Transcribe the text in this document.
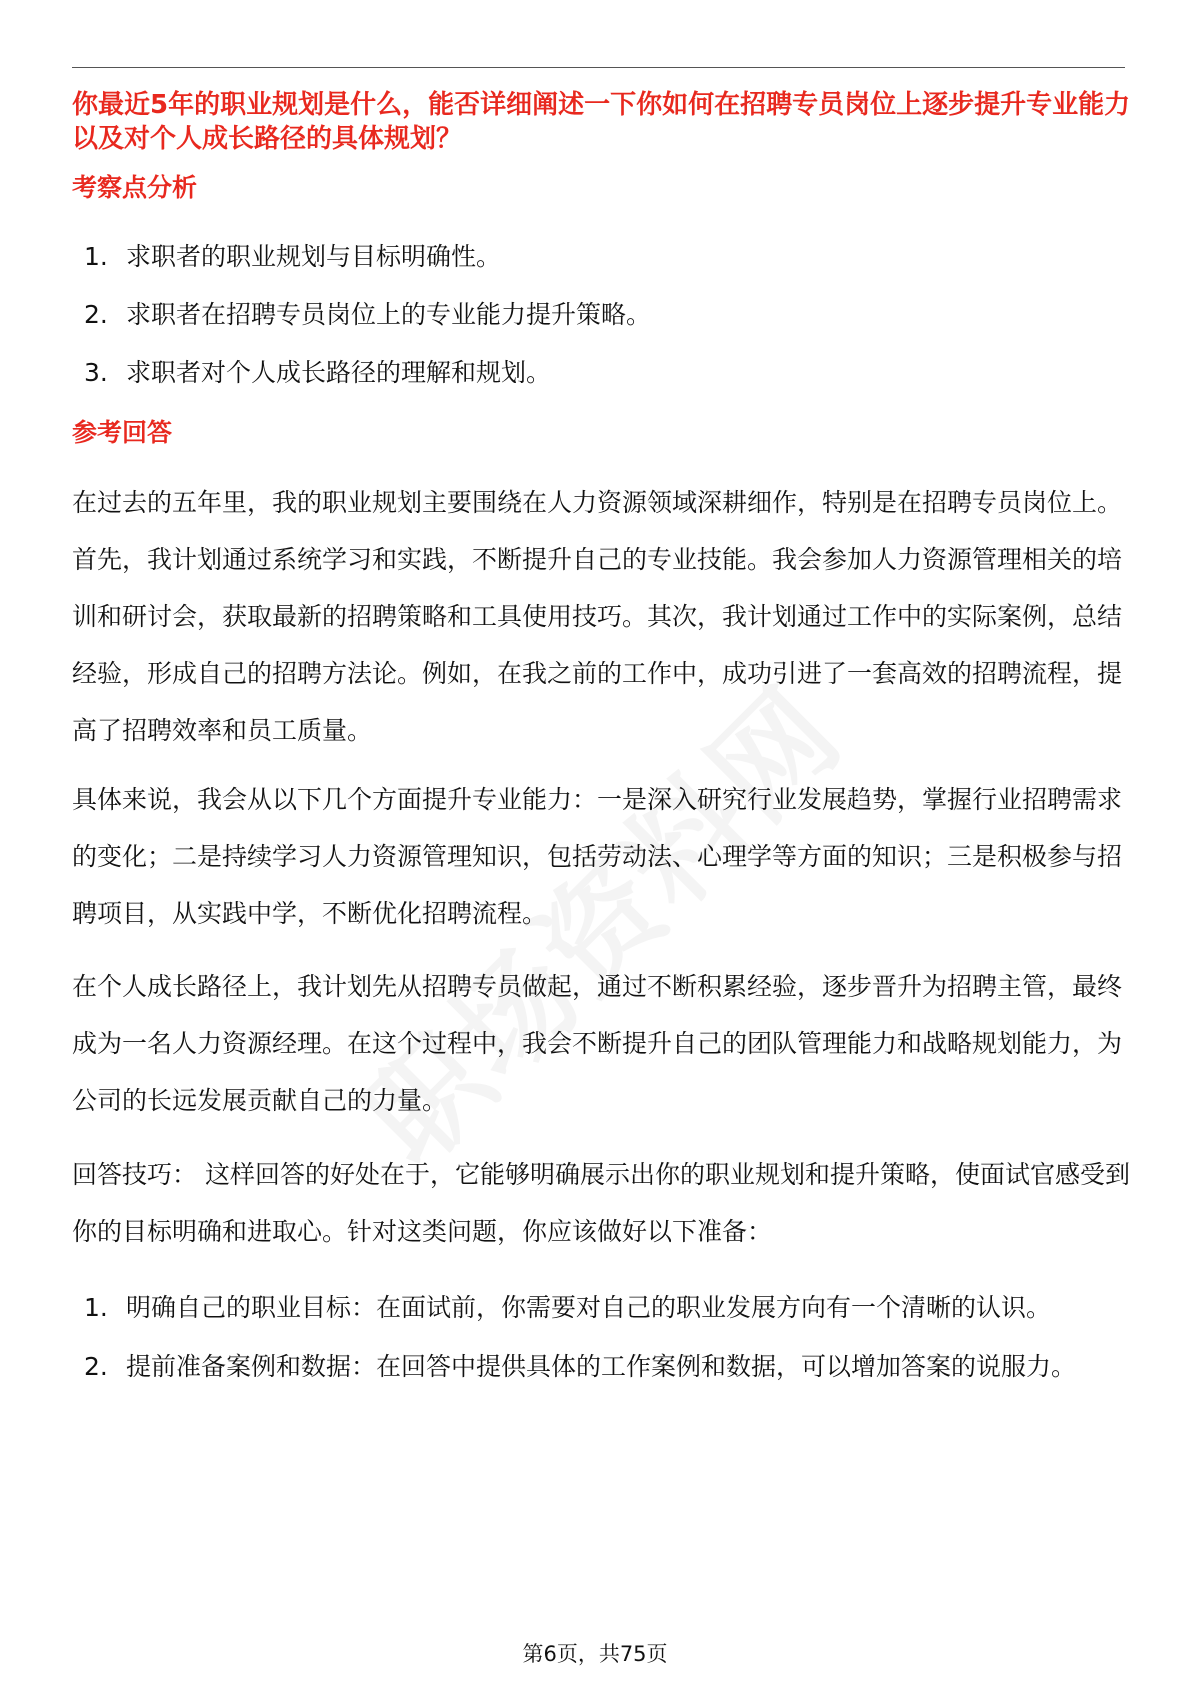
你最近5年的职业规划是什么，能否详细阐述一下你如何在招聘专员岗位上逐步提升专业能力以及对个人成长路径的具体规划？
考察点分析
1. 求职者的职业规划与目标明确性。
2. 求职者在招聘专员岗位上的专业能力提升策略。
3. 求职者对个人成长路径的理解和规划。
参考回答

在过去的五年里，我的职业规划主要围绕在人力资源领域深耕细作，特别是在招聘专员岗位上。首先，我计划通过系统学习和实践，不断提升自己的专业技能。我会参加人力资源管理相关的培训和研讨会，获取最新的招聘策略和工具使用技巧。其次，我计划通过工作中的实际案例，总结经验，形成自己的招聘方法论。例如，在我之前的工作中，成功引进了一套高效的招聘流程，提高了招聘效率和员工质量。

具体来说，我会从以下几个方面提升专业能力：一是深入研究行业发展趋势，掌握行业招聘需求的变化；二是持续学习人力资源管理知识，包括劳动法、心理学等方面的知识；三是积极参与招聘项目，从实践中学，不断优化招聘流程。

在个人成长路径上，我计划先从招聘专员做起，通过不断积累经验，逐步晋升为招聘主管，最终成为一名人力资源经理。在这个过程中，我会不断提升自己的团队管理能力和战略规划能力，为公司的长远发展贡献自己的力量。

回答技巧： 这样回答的好处在于，它能够明确展示出你的职业规划和提升策略，使面试官感受到你的目标明确和进取心。针对这类问题，你应该做好以下准备：

1. 明确自己的职业目标：在面试前，你需要对自己的职业发展方向有一个清晰的认识。
2. 提前准备案例和数据：在回答中提供具体的工作案例和数据，可以增加答案的说服力。
第6页，共75页
